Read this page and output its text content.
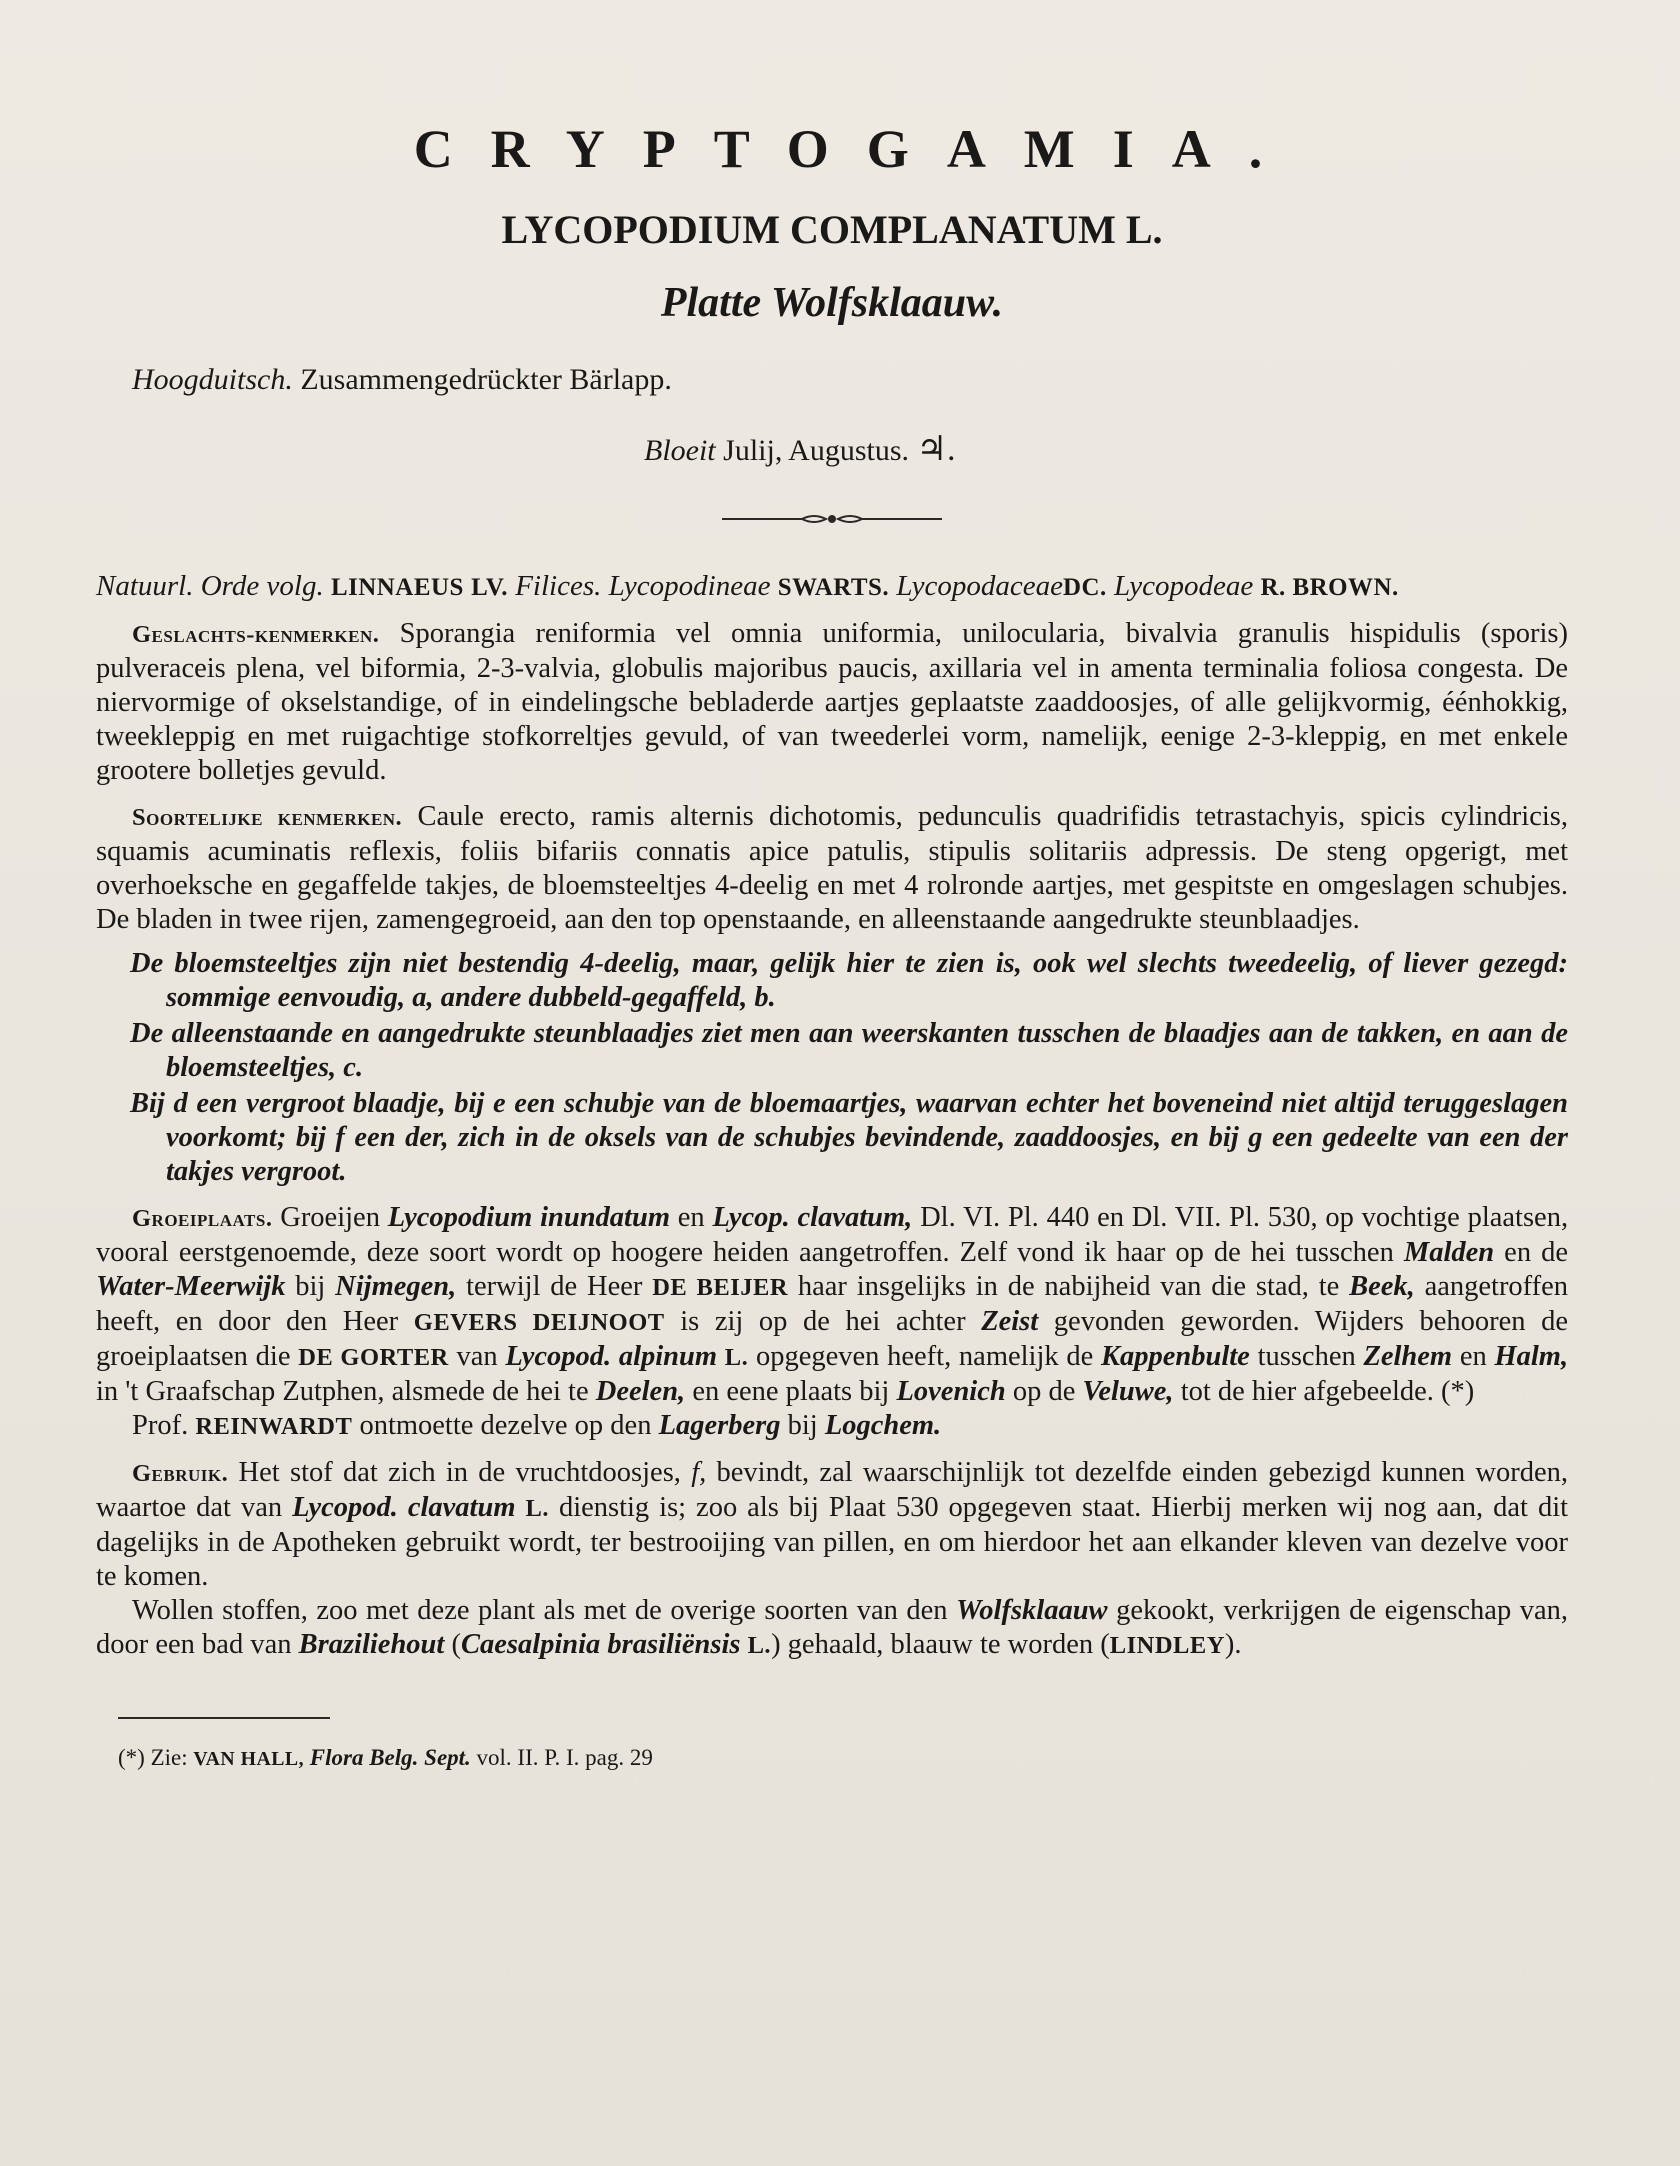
CRYPTOGAMIA.
LYCOPODIUM COMPLANATUM L.
Platte Wolfsklaauw.
Hoogduitsch. Zusammengedrückter Bärlapp.
Bloeit Julij, Augustus. ♃.
Natuurl. Orde volg. LINNAEUS LV. Filices. Lycopodineae SWARTS. LycopodaceaeDC. Lycopodeae R. BROWN.
Geslachts-kenmerken. Sporangia reniformia vel omnia uniformia, unilocularia, bivalvia granulis hispidulis (sporis) pulveraceis plena, vel biformia, 2-3-valvia, globulis majoribus paucis, axillaria vel in amenta terminalia foliosa congesta. De niervormige of okselstandige, of in eindelingsche bebladerde aartjes geplaatste zaaddoosjes, of alle gelijkvormig, éénhokkig, tweekleppig en met ruigachtige stofkorreltjes gevuld, of van tweederlei vorm, namelijk, eenige 2-3-kleppig, en met enkele grootere bolletjes gevuld.
Soortelijke kenmerken. Caule erecto, ramis alternis dichotomis, pedunculis quadrifidis tetrastachyis, spicis cylindricis, squamis acuminatis reflexis, foliis bifariis connatis apice patulis, stipulis solitariis adpressis. De steng opgerigt, met overhoeksche en gegaffelde takjes, de bloemsteeltjes 4-deelig en met 4 rolronde aartjes, met gespitste en omgeslagen schubjes. De bladen in twee rijen, zamengegroeid, aan den top openstaande, en alleenstaande aangedrukte steunblaadjes.
De bloemsteeltjes zijn niet bestendig 4-deelig, maar, gelijk hier te zien is, ook wel slechts tweedeelig, of liever gezegd: sommige eenvoudig, a, andere dubbeld-gegaffeld, b.
De alleenstaande en aangedrukte steunblaadjes ziet men aan weerskanten tusschen de blaadjes aan de takken, en aan de bloemsteeltjes, c.
Bij d een vergroot blaadje, bij e een schubje van de bloemaartjes, waarvan echter het boveneind niet altijd teruggeslagen voorkomt; bij f een der, zich in de oksels van de schubjes bevindende, zaaddoosjes, en bij g een gedeelte van een der takjes vergroot.
Groeiplaats. Groeijen Lycopodium inundatum en Lycop. clavatum, Dl. VI. Pl. 440 en Dl. VII. Pl. 530, op vochtige plaatsen, vooral eerstgenoemde, deze soort wordt op hoogere heiden aangetroffen. Zelf vond ik haar op de hei tusschen Malden en de Water-Meerwijk bij Nijmegen, terwijl de Heer DE BEIJER haar insgelijks in de nabijheid van die stad, te Beek, aangetroffen heeft, en door den Heer GEVERS DEIJNOOT is zij op de hei achter Zeist gevonden geworden. Wijders behooren de groeiplaatsen die DE GORTER van Lycopod. alpinum L. opgegeven heeft, namelijk de Kappenbulte tusschen Zelhem en Halm, in 't Graafschap Zutphen, alsmede de hei te Deelen, en eene plaats bij Lovenich op de Veluwe, tot de hier afgebeelde. (*)
Prof. REINWARDT ontmoette dezelve op den Lagerberg bij Logchem.
Gebruik. Het stof dat zich in de vruchtdoosjes, f, bevindt, zal waarschijnlijk tot dezelfde einden gebezigd kunnen worden, waartoe dat van Lycopod. clavatum L. dienstig is; zoo als bij Plaat 530 opgegeven staat. Hierbij merken wij nog aan, dat dit dagelijks in de Apotheken gebruikt wordt, ter bestrooijing van pillen, en om hierdoor het aan elkander kleven van dezelve voor te komen.
Wollen stoffen, zoo met deze plant als met de overige soorten van den Wolfsklaauw gekookt, verkrijgen de eigenschap van, door een bad van Braziliehout (Caesalpinia brasiliënsis L.) gehaald, blaauw te worden (LINDLEY).
(*) Zie: VAN HALL, Flora Belg. Sept. vol. II. P. I. pag. 29
